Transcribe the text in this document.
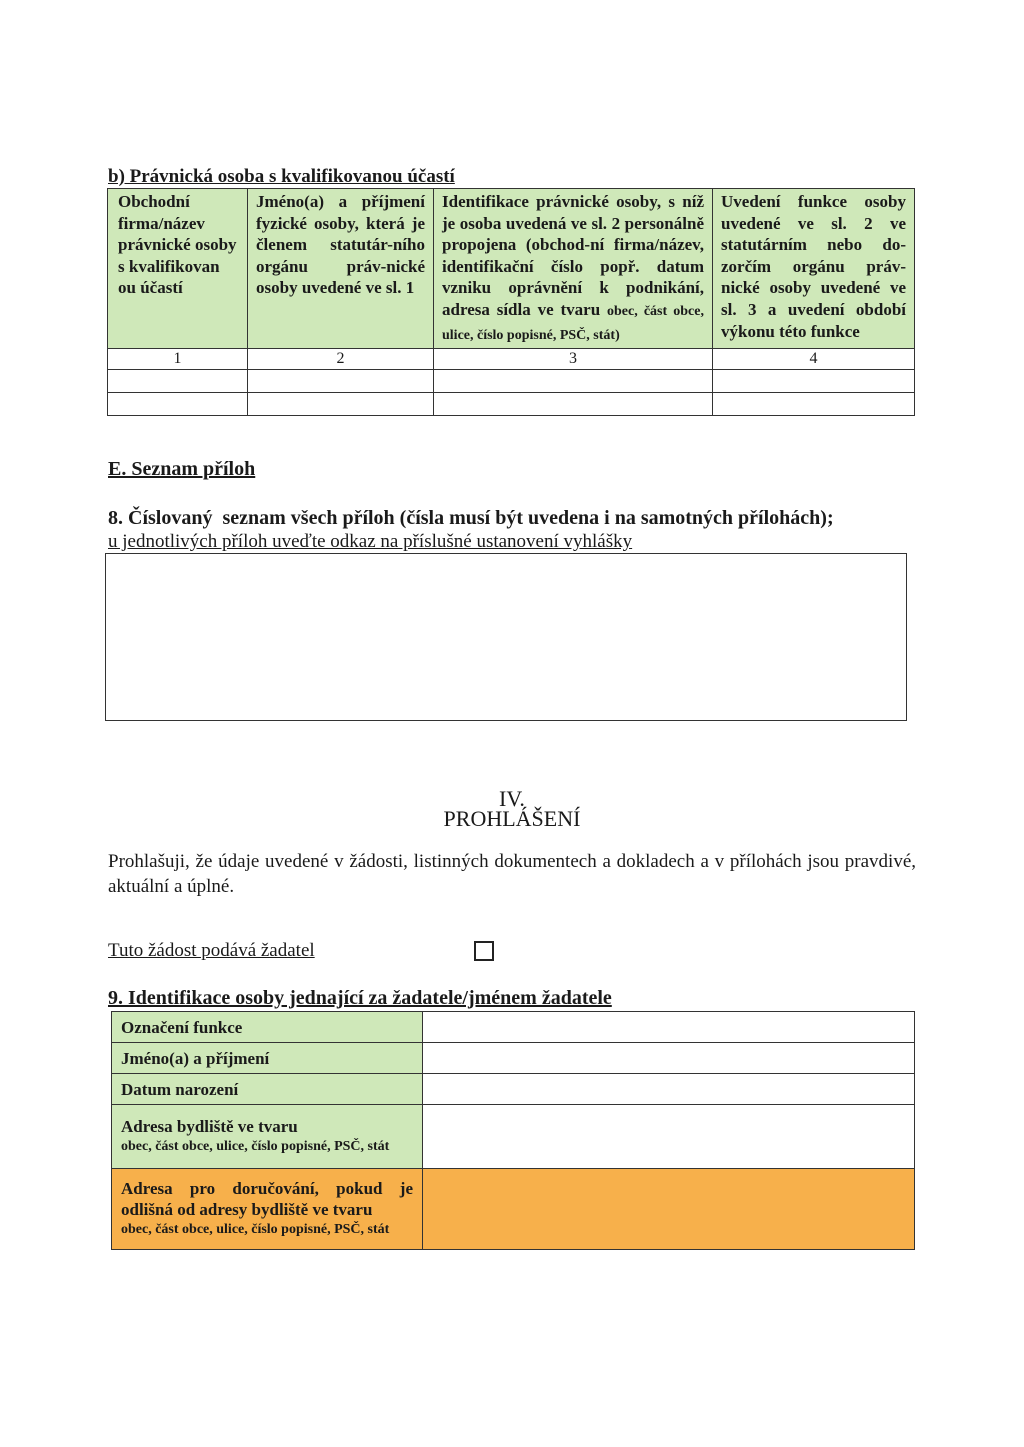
b) Právnická osoba s kvalifikovanou účastí
Obchodní firma/název právnické osoby s kvalifikovan ou účastí	Jméno(a) a příjmení fyzické osoby, která je členem statutár-ního orgánu práv-nické osoby uvedené ve sl. 1	Identifikace právnické osoby, s níž je osoba uvedená ve sl. 2 personálně propojena (obchod-ní firma/název, identifikační číslo popř. datum vzniku oprávnění k podnikání, adresa sídla ve tvaru obec, část obce, ulice, číslo popisné, PSČ, stát)	Uvedení funkce osoby uvedené ve sl. 2 ve statutárním nebo do-zorčím orgánu práv-nické osoby uvedené ve sl. 3 a uvedení období výkonu této funkce
1	2	3	4

E. Seznam příloh
8. Číslovaný  seznam všech příloh (čísla musí být uvedena i na samotných přílohách);
u jednotlivých příloh uveďte odkaz na příslušné ustanovení vyhlášky
IV.
PROHLÁŠENÍ
Prohlašuji, že údaje uvedené v žádosti, listinných dokumentech a dokladech a v přílohách jsou pravdivé, aktuální a úplné.
Tuto žádost podává žadatel
9. Identifikace osoby jednající za žadatele/jménem žadatele
Označení funkce	

Jméno(a) a příjmení	

Datum narození	

Adresa bydliště ve tvaru
obec, část obce, ulice, číslo popisné, PSČ, stát	

Adresa pro doručování, pokud je odlišná od adresy bydliště ve tvaru
obec, část obce, ulice, číslo popisné, PSČ, stát	
